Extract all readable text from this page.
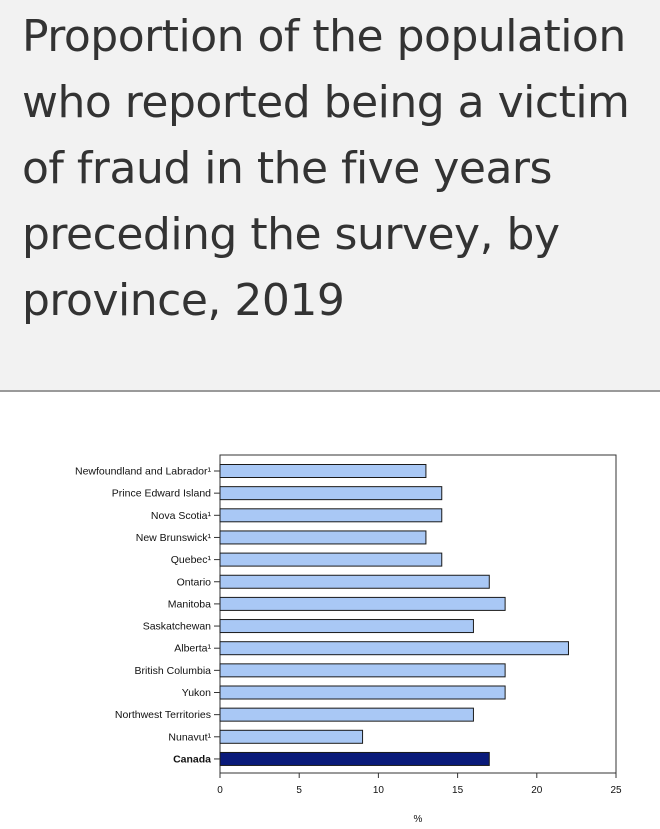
Proportion of the population who reported being a victim of fraud in the five years preceding the survey, by province, 2019
Newfoundland and Labrador¹
Prince Edward Island
Nova Scotia¹
New Brunswick¹
Quebec¹
Ontario
Manitoba
Saskatchewan
Alberta¹
British Columbia
Yukon
Northwest Territories
Nunavut¹
Canada
0	5	10	15	20	25
%
